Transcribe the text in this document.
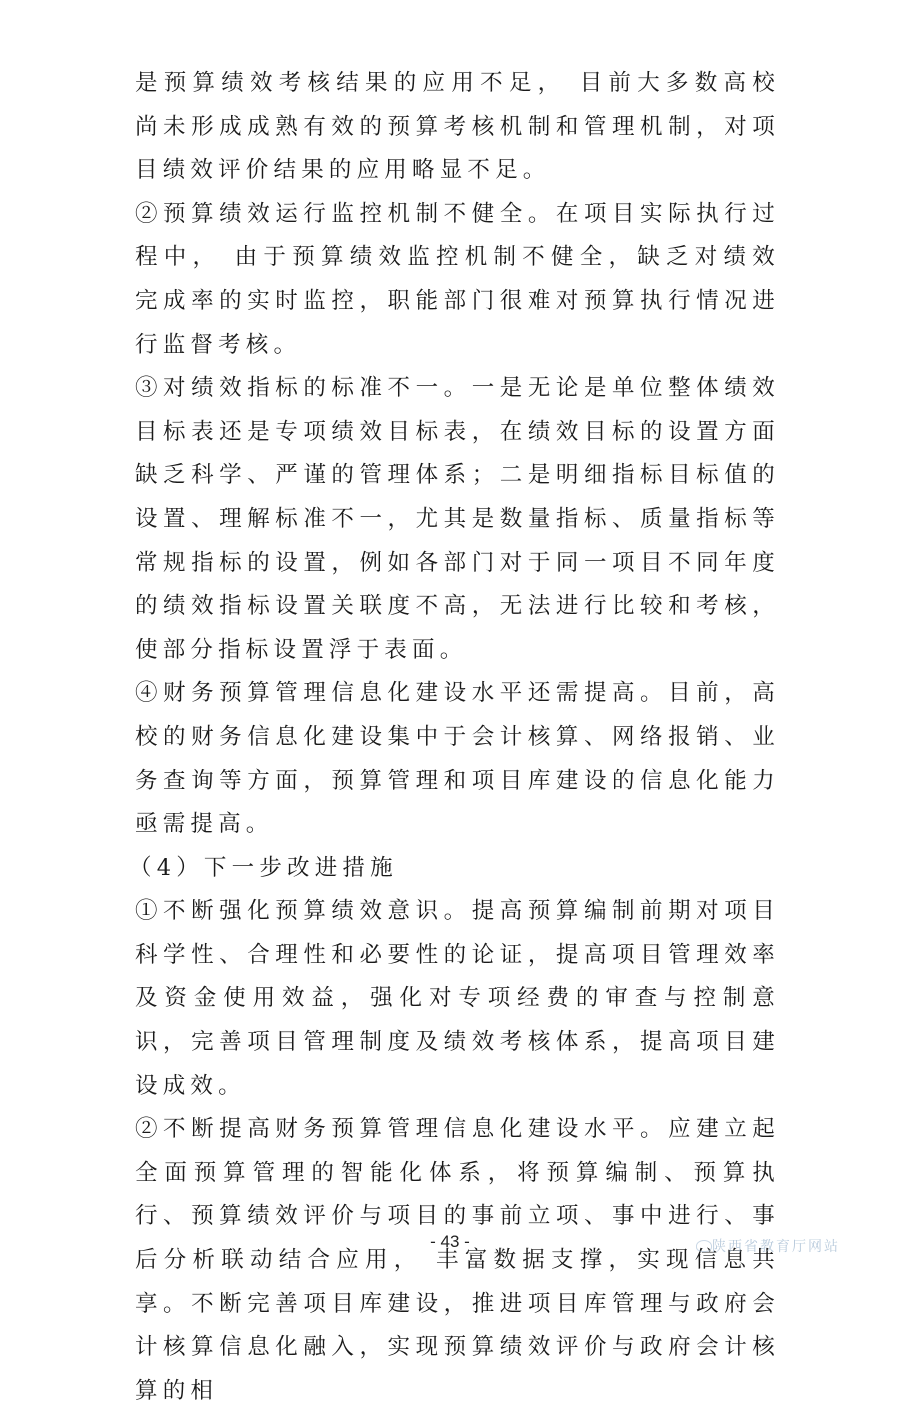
是预算绩效考核结果的应用不足， 目前大多数高校尚未形成成熟有效的预算考核机制和管理机制，对项目绩效评价结果的应用略显不足。

②预算绩效运行监控机制不健全。在项目实际执行过程中， 由于预算绩效监控机制不健全，缺乏对绩效完成率的实时监控，职能部门很难对预算执行情况进行监督考核。

③对绩效指标的标准不一。一是无论是单位整体绩效目标表还是专项绩效目标表，在绩效目标的设置方面缺乏科学、严谨的管理体系；二是明细指标目标值的设置、理解标准不一，尤其是数量指标、质量指标等常规指标的设置，例如各部门对于同一项目不同年度的绩效指标设置关联度不高，无法进行比较和考核，使部分指标设置浮于表面。

④财务预算管理信息化建设水平还需提高。目前，高校的财务信息化建设集中于会计核算、网络报销、业务查询等方面，预算管理和项目库建设的信息化能力亟需提高。

（4）下一步改进措施

①不断强化预算绩效意识。提高预算编制前期对项目科学性、合理性和必要性的论证，提高项目管理效率及资金使用效益，强化对专项经费的审查与控制意识，完善项目管理制度及绩效考核体系，提高项目建设成效。

②不断提高财务预算管理信息化建设水平。应建立起全面预算管理的智能化体系，将预算编制、预算执行、预算绩效评价与项目的事前立项、事中进行、事后分析联动结合应用， 丰富数据支撑，实现信息共享。不断完善项目库建设，推进项目库管理与政府会计核算信息化融入，实现预算绩效评价与政府会计核算的相

- 43 -	陕西省教育厅网站
